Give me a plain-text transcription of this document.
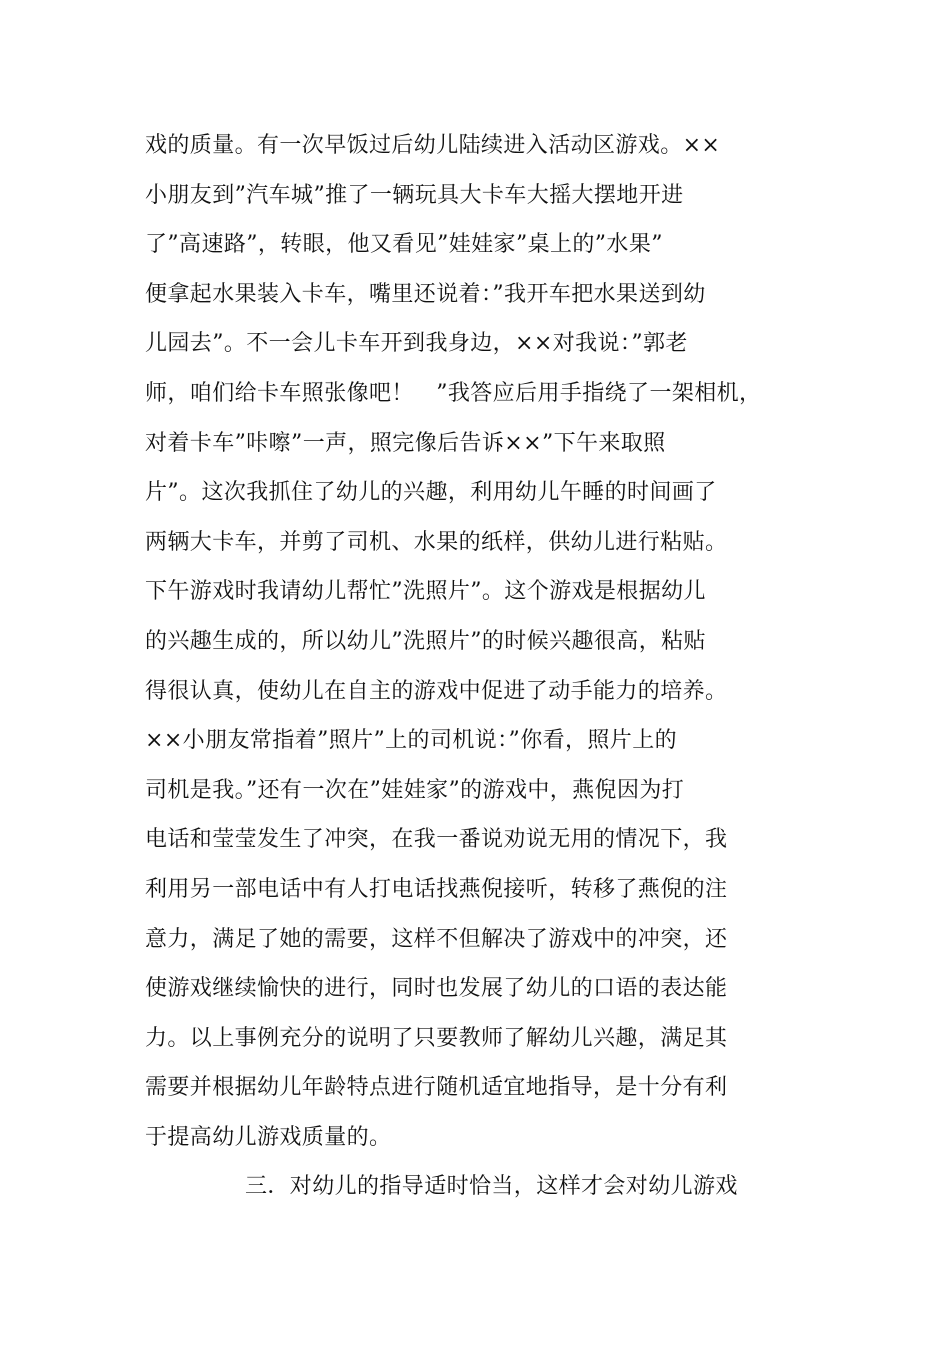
戏的质量。有一次早饭过后幼儿陆续进入活动区游戏。××
小朋友到”汽车城”推了一辆玩具大卡车大摇大摆地开进
了”高速路”，转眼，他又看见”娃娃家”桌上的”水果”
便拿起水果装入卡车，嘴里还说着：”我开车把水果送到幼
儿园去”。不一会儿卡车开到我身边，××对我说：”郭老
师，咱们给卡车照张像吧！　”我答应后用手指绕了一架相机，
对着卡车”咔嚓”一声，照完像后告诉××”下午来取照
片”。这次我抓住了幼儿的兴趣，利用幼儿午睡的时间画了
两辆大卡车，并剪了司机、水果的纸样，供幼儿进行粘贴。
下午游戏时我请幼儿帮忙”洗照片”。这个游戏是根据幼儿
的兴趣生成的，所以幼儿”洗照片”的时候兴趣很高，粘贴
得很认真，使幼儿在自主的游戏中促进了动手能力的培养。
××小朋友常指着”照片”上的司机说：”你看，照片上的
司机是我。”还有一次在”娃娃家”的游戏中，燕倪因为打
电话和莹莹发生了冲突，在我一番说劝说无用的情况下，我
利用另一部电话中有人打电话找燕倪接听，转移了燕倪的注
意力，满足了她的需要，这样不但解决了游戏中的冲突，还
使游戏继续愉快的进行，同时也发展了幼儿的口语的表达能
力。以上事例充分的说明了只要教师了解幼儿兴趣，满足其
需要并根据幼儿年龄特点进行随机适宜地指导，是十分有利
于提高幼儿游戏质量的。
三．对幼儿的指导适时恰当，这样才会对幼儿游戏
